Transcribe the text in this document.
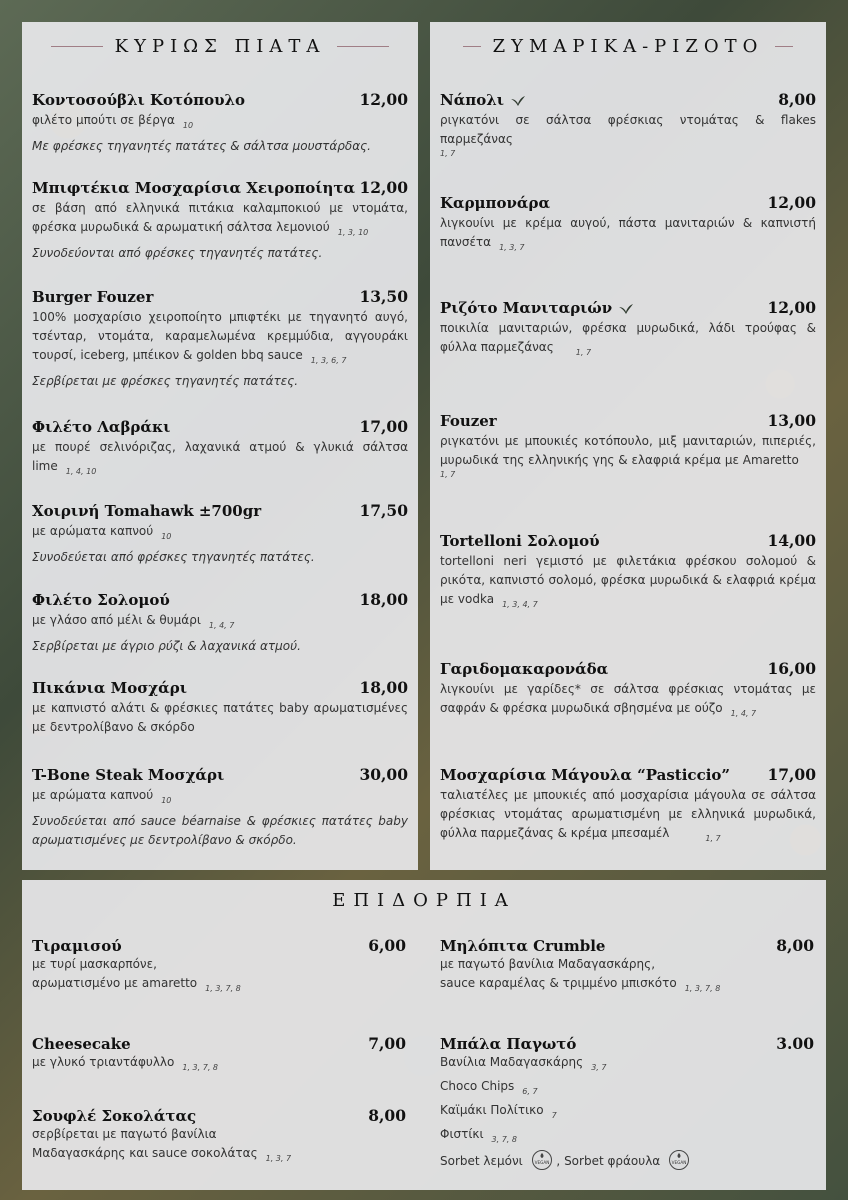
ΚΥΡΙΩΣ ΠΙΑΤΑ
Κοντοσούβλι Κοτόπουλο	12,00
φιλέτο μπούτι σε βέργα $_{10}$
Με φρέσκες τηγανητές πατάτες & σάλτσα μουστάρδας.
Μπιφτέκια Μοσχαρίσια Χειροποίητα 12,00
σε βάση από ελληνικά πιτάκια καλαμποκιού με ντομάτα, φρέσκα μυρωδικά & αρωματική σάλτσα λεμονιού $_{1, 3, 10}$
Συνοδεύονται από φρέσκες τηγανητές πατάτες.
Burger Fouzer	13,50
100% μοσχαρίσιο χειροποίητο μπιφτέκι με τηγανητό αυγό, τσένταρ, ντομάτα, καραμελωμένα κρεμμύδια, αγγουράκι τουρσί, iceberg, μπέικον & golden bbq sauce $_{1, 3, 6, 7}$
Σερβίρεται με φρέσκες τηγανητές πατάτες.
Φιλέτο Λαβράκι	17,00
με πουρέ σελινόριζας, λαχανικά ατμού & γλυκιά σάλτσα lime $_{1, 4, 10}$
Χοιρινή Tomahawk ±700gr	17,50
με αρώματα καπνού $_{10}$
Συνοδεύεται από φρέσκες τηγανητές πατάτες.
Φιλέτο Σολομού	18,00
με γλάσο από μέλι & θυμάρι $_{1, 4, 7}$
Σερβίρεται με άγριο ρύζι & λαχανικά ατμού.
Πικάνια Μοσχάρι	18,00
με καπνιστό αλάτι & φρέσκιες πατάτες baby αρωματισμένες με δεντρολίβανο & σκόρδο
T-Bone Steak Μοσχάρι	30,00
με αρώματα καπνού $_{10}$
Συνοδεύεται από sauce béarnaise & φρέσκιες πατάτες baby αρωματισμένες με δεντρολίβανο & σκόρδο.
ΖΥΜΑΡΙΚΑ-ΡΙΖΟΤΟ
Νάπολι	8,00
ριγκατόνι σε σάλτσα φρέσκιας ντομάτας & flakes παρμεζάνας
1, 7
Καρμπονάρα	12,00
λιγκουίνι με κρέμα αυγού, πάστα μανιταριών & καπνιστή πανσέτα $_{1, 3, 7}$
Ριζότο Μανιταριών	12,00
ποικιλία μανιταριών, φρέσκα μυρωδικά, λάδι τρούφας & φύλλα παρμεζάνας	$_{1, 7}$
Fouzer	13,00
ριγκατόνι με μπουκιές κοτόπουλο, μιξ μανιταριών, πιπεριές, μυρωδικά της ελληνικής γης & ελαφριά κρέμα με Amaretto
1, 7
Tortelloni Σολομού	14,00
tortelloni neri γεμιστό με φιλετάκια φρέσκου σολομού & ρικότα, καπνιστό σολομό, φρέσκα μυρωδικά & ελαφριά κρέμα με vodka $_{1, 3, 4, 7}$
Γαριδομακαρονάδα	16,00
λιγκουίνι με γαρίδες* σε σάλτσα φρέσκιας ντομάτας με σαφράν & φρέσκα μυρωδικά σβησμένα με ούζο $_{1, 4, 7}$
Μοσχαρίσια Μάγουλα “Pasticcio” 17,00
ταλιατέλες με μπουκιές από μοσχαρίσια μάγουλα σε σάλτσα φρέσκιας ντομάτας αρωματισμένη με ελληνικά μυρωδικά, φύλλα παρμεζάνας & κρέμα μπεσαμέλ	$_{1, 7}$
ΕΠΙΔΟΡΠΙΑ
Τιραμισού	6,00
με τυρί μασκαρπόνε,
αρωματισμένο με amaretto $_{1, 3, 7, 8}$
Cheesecake	7,00
με γλυκό τριαντάφυλλο $_{1, 3, 7, 8}$
Σουφλέ Σοκολάτας	8,00
σερβίρεται με παγωτό βανίλια
Μαδαγασκάρης και sauce σοκολάτας $_{1, 3, 7}$
Μηλόπιτα Crumble	8,00
με παγωτό βανίλια Μαδαγασκάρης,
sauce καραμέλας & τριμμένο μπισκότο $_{1, 3, 7, 8}$
Μπάλα Παγωτό	3.00
Βανίλια Μαδαγασκάρης $_{3, 7}$
Choco Chips $_{6, 7}$
Καϊμάκι Πολίτικο $_7$
Φιστίκι $_{3, 7, 8}$
Sorbet λεμόνι	VEGAN , Sorbet φράουλα	VEGAN
